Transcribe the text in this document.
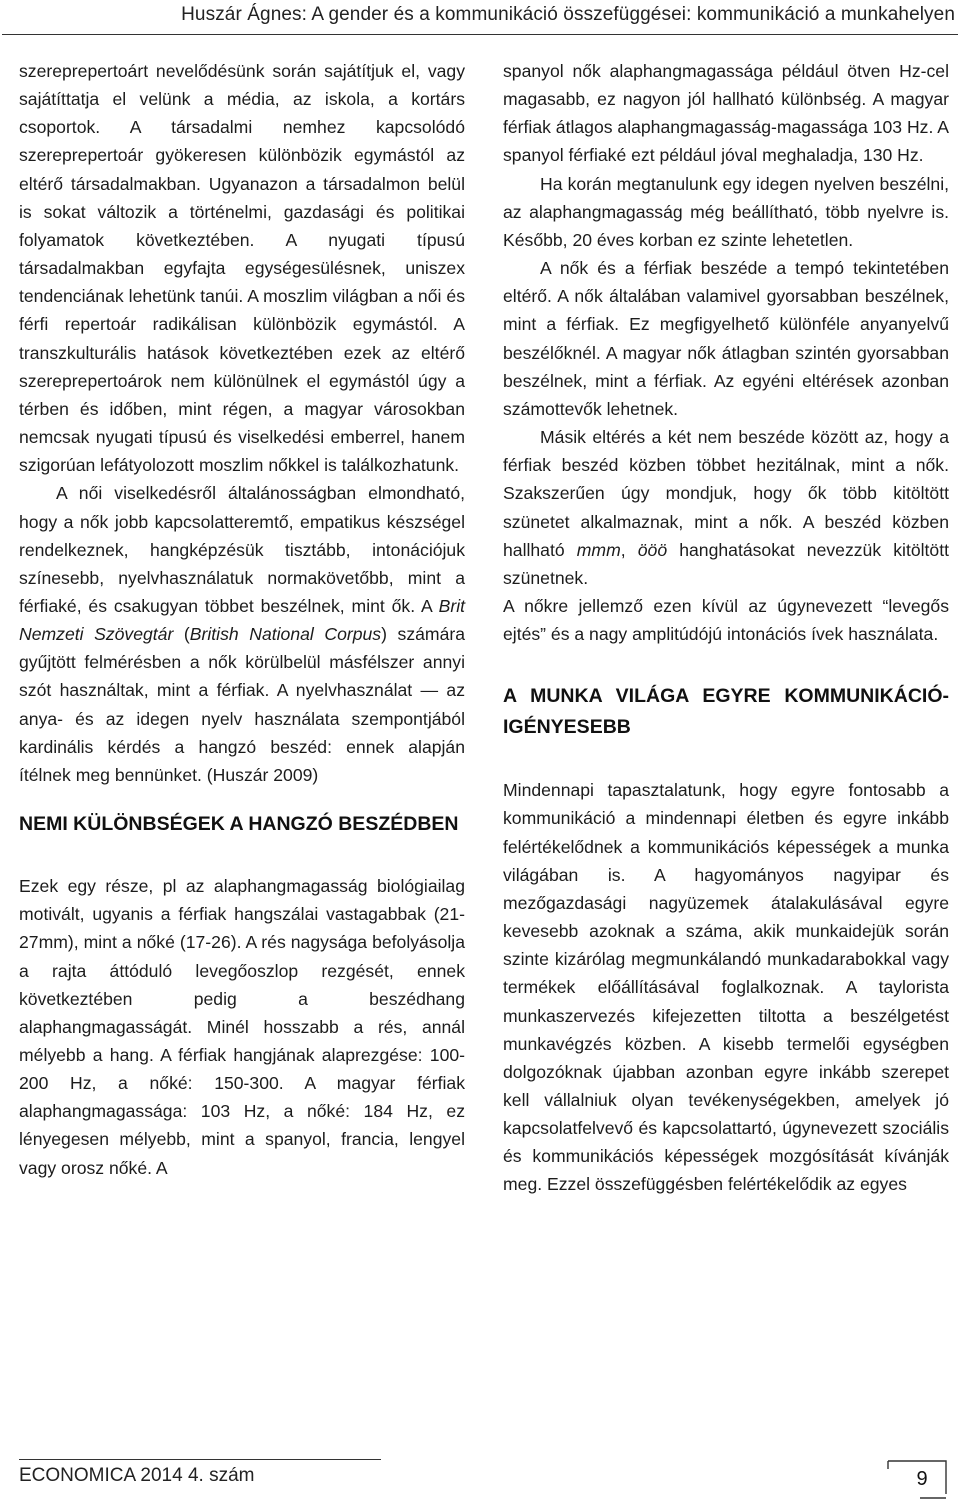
Huszár Ágnes: A gender és a kommunikáció összefüggései: kommunikáció a munkahelyen

szereprepertoárt nevelődésünk során sajátítjuk el, vagy sajátíttatja el velünk a média, az iskola, a kortárs csoportok. A társadalmi nemhez kapcsolódó szereprepertoár gyökeresen különbözik egymástól az eltérő társadalmakban. Ugyanazon a társadalmon belül is sokat változik a történelmi, gazdasági és politikai folyamatok következtében. A nyugati típusú társadalmakban egyfajta egységesülésnek, uniszex tendenciának lehetünk tanúi. A moszlim világban a női és férfi repertoár radikálisan különbözik egymástól. A transzkulturális hatások következtében ezek az eltérő szereprepertoárok nem különülnek el egymástól úgy a térben és időben, mint régen, a magyar városokban nemcsak nyugati típusú és viselkedési emberrel, hanem szigorúan lefátyolozott moszlim nőkkel is találkozhatunk.

A női viselkedésről általánosságban elmondható, hogy a nők jobb kapcsolatteremtő, empatikus készségel rendelkeznek, hangképzésük tisztább, intonációjuk színesebb, nyelvhasználatuk normakövetőbb, mint a férfiaké, és csakugyan többet beszélnek, mint ők. A Brit Nemzeti Szövegtár (British National Corpus) számára gyűjtött felmérésben a nők körülbelül másfélszer annyi szót használtak, mint a férfiak. A nyelvhasználat — az anya- és az idegen nyelv használata szempontjából kardinális kérdés a hangzó beszéd: ennek alapján ítélnek meg bennünket. (Huszár 2009)

NEMI KÜLÖNBSÉGEK A HANGZÓ BESZÉDBEN

Ezek egy része, pl az alaphangmagasság biológiailag motivált, ugyanis a férfiak hangszálai vastagabbak (21-27mm), mint a nőké (17-26). A rés nagysága befolyásolja a rajta áttóduló levegőoszlop rezgését, ennek következtében pedig a beszédhang alaphangmagasságát. Minél hosszabb a rés, annál mélyebb a hang. A férfiak hangjának alaprezgése: 100-200 Hz, a nőké: 150-300. A magyar férfiak alaphangmagassága: 103 Hz, a nőké: 184 Hz, ez lényegesen mélyebb, mint a spanyol, francia, lengyel vagy orosz nőké. A

spanyol nők alaphangmagassága például ötven Hz-cel magasabb, ez nagyon jól hallható különbség. A magyar férfiak átlagos alaphangmagasság-magassága 103 Hz. A spanyol férfiaké ezt például jóval meghaladja, 130 Hz.

Ha korán megtanulunk egy idegen nyelven beszélni, az alaphangmagasság még beállítható, több nyelvre is. Később, 20 éves korban ez szinte lehetetlen.

A nők és a férfiak beszéde a tempó tekintetében eltérő. A nők általában valamivel gyorsabban beszélnek, mint a férfiak. Ez megfigyelhető különféle anyanyelvű beszélőknél. A magyar nők átlagban szintén gyorsabban beszélnek, mint a férfiak. Az egyéni eltérések azonban számottevők lehetnek.

Másik eltérés a két nem beszéde között az, hogy a férfiak beszéd közben többet hezitálnak, mint a nők. Szakszerűen úgy mondjuk, hogy ők több kitöltött szünetet alkalmaznak, mint a nők. A beszéd közben hallható mmm, ööö hanghatásokat nevezzük kitöltött szünetnek.

A nőkre jellemző ezen kívül az úgynevezett “levegős ejtés” és a nagy amplitúdójú intonációs ívek használata.

A MUNKA VILÁGA EGYRE KOMMUNIKÁCIÓ-IGÉNYESEBB

Mindennapi tapasztalatunk, hogy egyre fontosabb a kommunikáció a mindennapi életben és egyre inkább felértékelődnek a kommunikációs képességek a munka világában is. A hagyományos nagyipar és mezőgazdasági nagyüzemek átalakulásával egyre kevesebb azoknak a száma, akik munkaidejük során szinte kizárólag megmunkálandó munkadarabokkal vagy termékek előállításával foglalkoznak. A taylorista munkaszervezés kifejezetten tiltotta a beszélgetést munkavégzés közben. A kisebb termelői egységben dolgozóknak újabban azonban egyre inkább szerepet kell vállalniuk olyan tevékenységekben, amelyek jó kapcsolatfelvevő és kapcsolattartó, úgynevezett szociális és kommunikációs képességek mozgósítását kívánják meg. Ezzel összefüggésben felértékelődik az egyes

ECONOMICA 2014 4. szám	9
